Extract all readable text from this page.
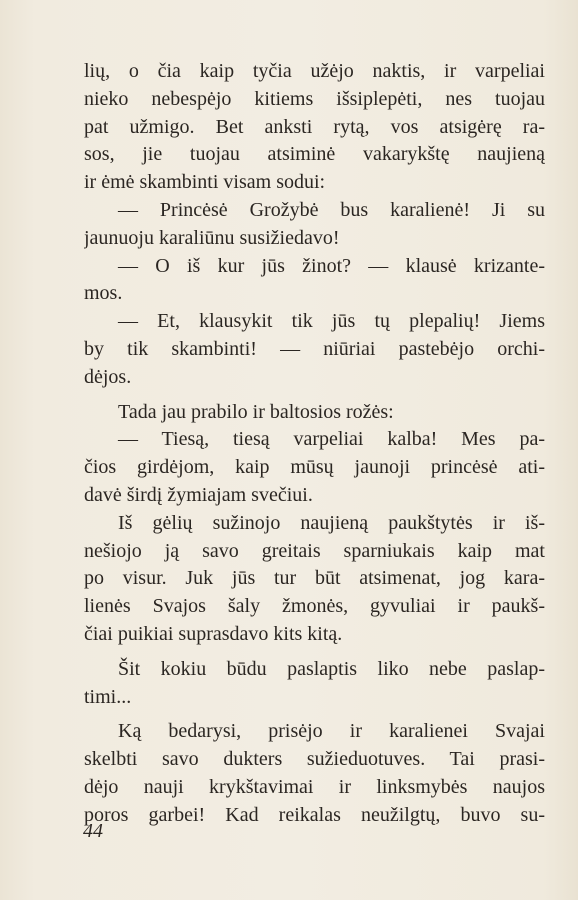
lių, o čia kaip tyčia užėjo naktis, ir varpeliai
nieko nebespėjo kitiems išsiplepėti, nes tuojau
pat užmigo. Bet anksti rytą, vos atsigėrę ra-
sos, jie tuojau atsiminė vakarykštę naujieną
ir ėmė skambinti visam sodui:
— Princėsė Grožybė bus karalienė! Ji su
jaunuoju karaliūnu susižiedavo!
— O iš kur jūs žinot? — klausė krizante-
mos.
— Et, klausykit tik jūs tų plepalių! Jiems
by tik skambinti! — niūriai pastebėjo orchi-
dėjos.
Tada jau prabilo ir baltosios rožės:
— Tiesą, tiesą varpeliai kalba! Mes pa-
čios girdėjom, kaip mūsų jaunoji princėsė ati-
davė širdį žymiajam svečiui.
Iš gėlių sužinojo naujieną paukštytės ir iš-
nešiojo ją savo greitais sparniukais kaip mat
po visur. Juk jūs tur būt atsimenat, jog kara-
lienės Svajos šaly žmonės, gyvuliai ir paukš-
čiai puikiai suprasdavo kits kitą.
Šit kokiu būdu paslaptis liko nebe paslap-
timi...
Ką bedarysi, prisėjo ir karalienei Svajai
skelbti savo dukters sužieduotuves. Tai prasi-
dėjo nauji krykštavimai ir linksmybės naujos
poros garbei! Kad reikalas neužilgtų, buvo su-
44
